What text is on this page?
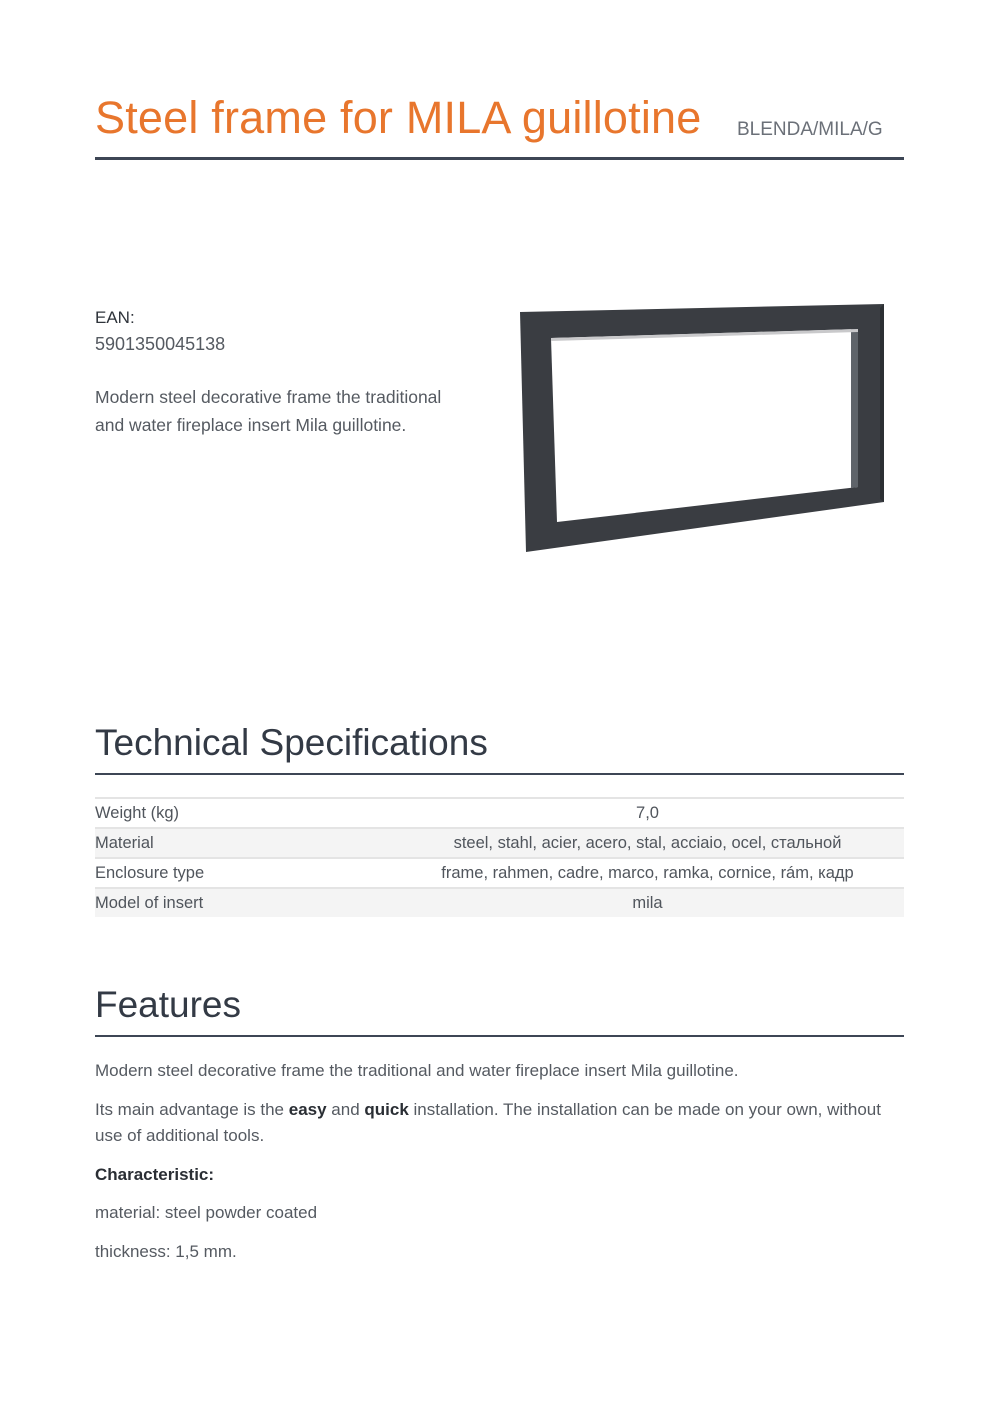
Steel frame for MILA guillotine BLENDA/MILA/G
EAN:
5901350045138
Modern steel decorative frame the traditional and water fireplace insert Mila guillotine.
Technical Specifications
Weight (kg)	7,0
Material	steel, stahl, acier, acero, stal, acciaio, ocel, стальной
Enclosure type	frame, rahmen, cadre, marco, ramka, cornice, rám, кадр
Model of insert	mila
Features
Modern steel decorative frame the traditional and water fireplace insert Mila guillotine.
Its main advantage is the easy and quick installation. The installation can be made on your own, without use of additional tools.
Characteristic:
material: steel powder coated
thickness: 1,5 mm.
